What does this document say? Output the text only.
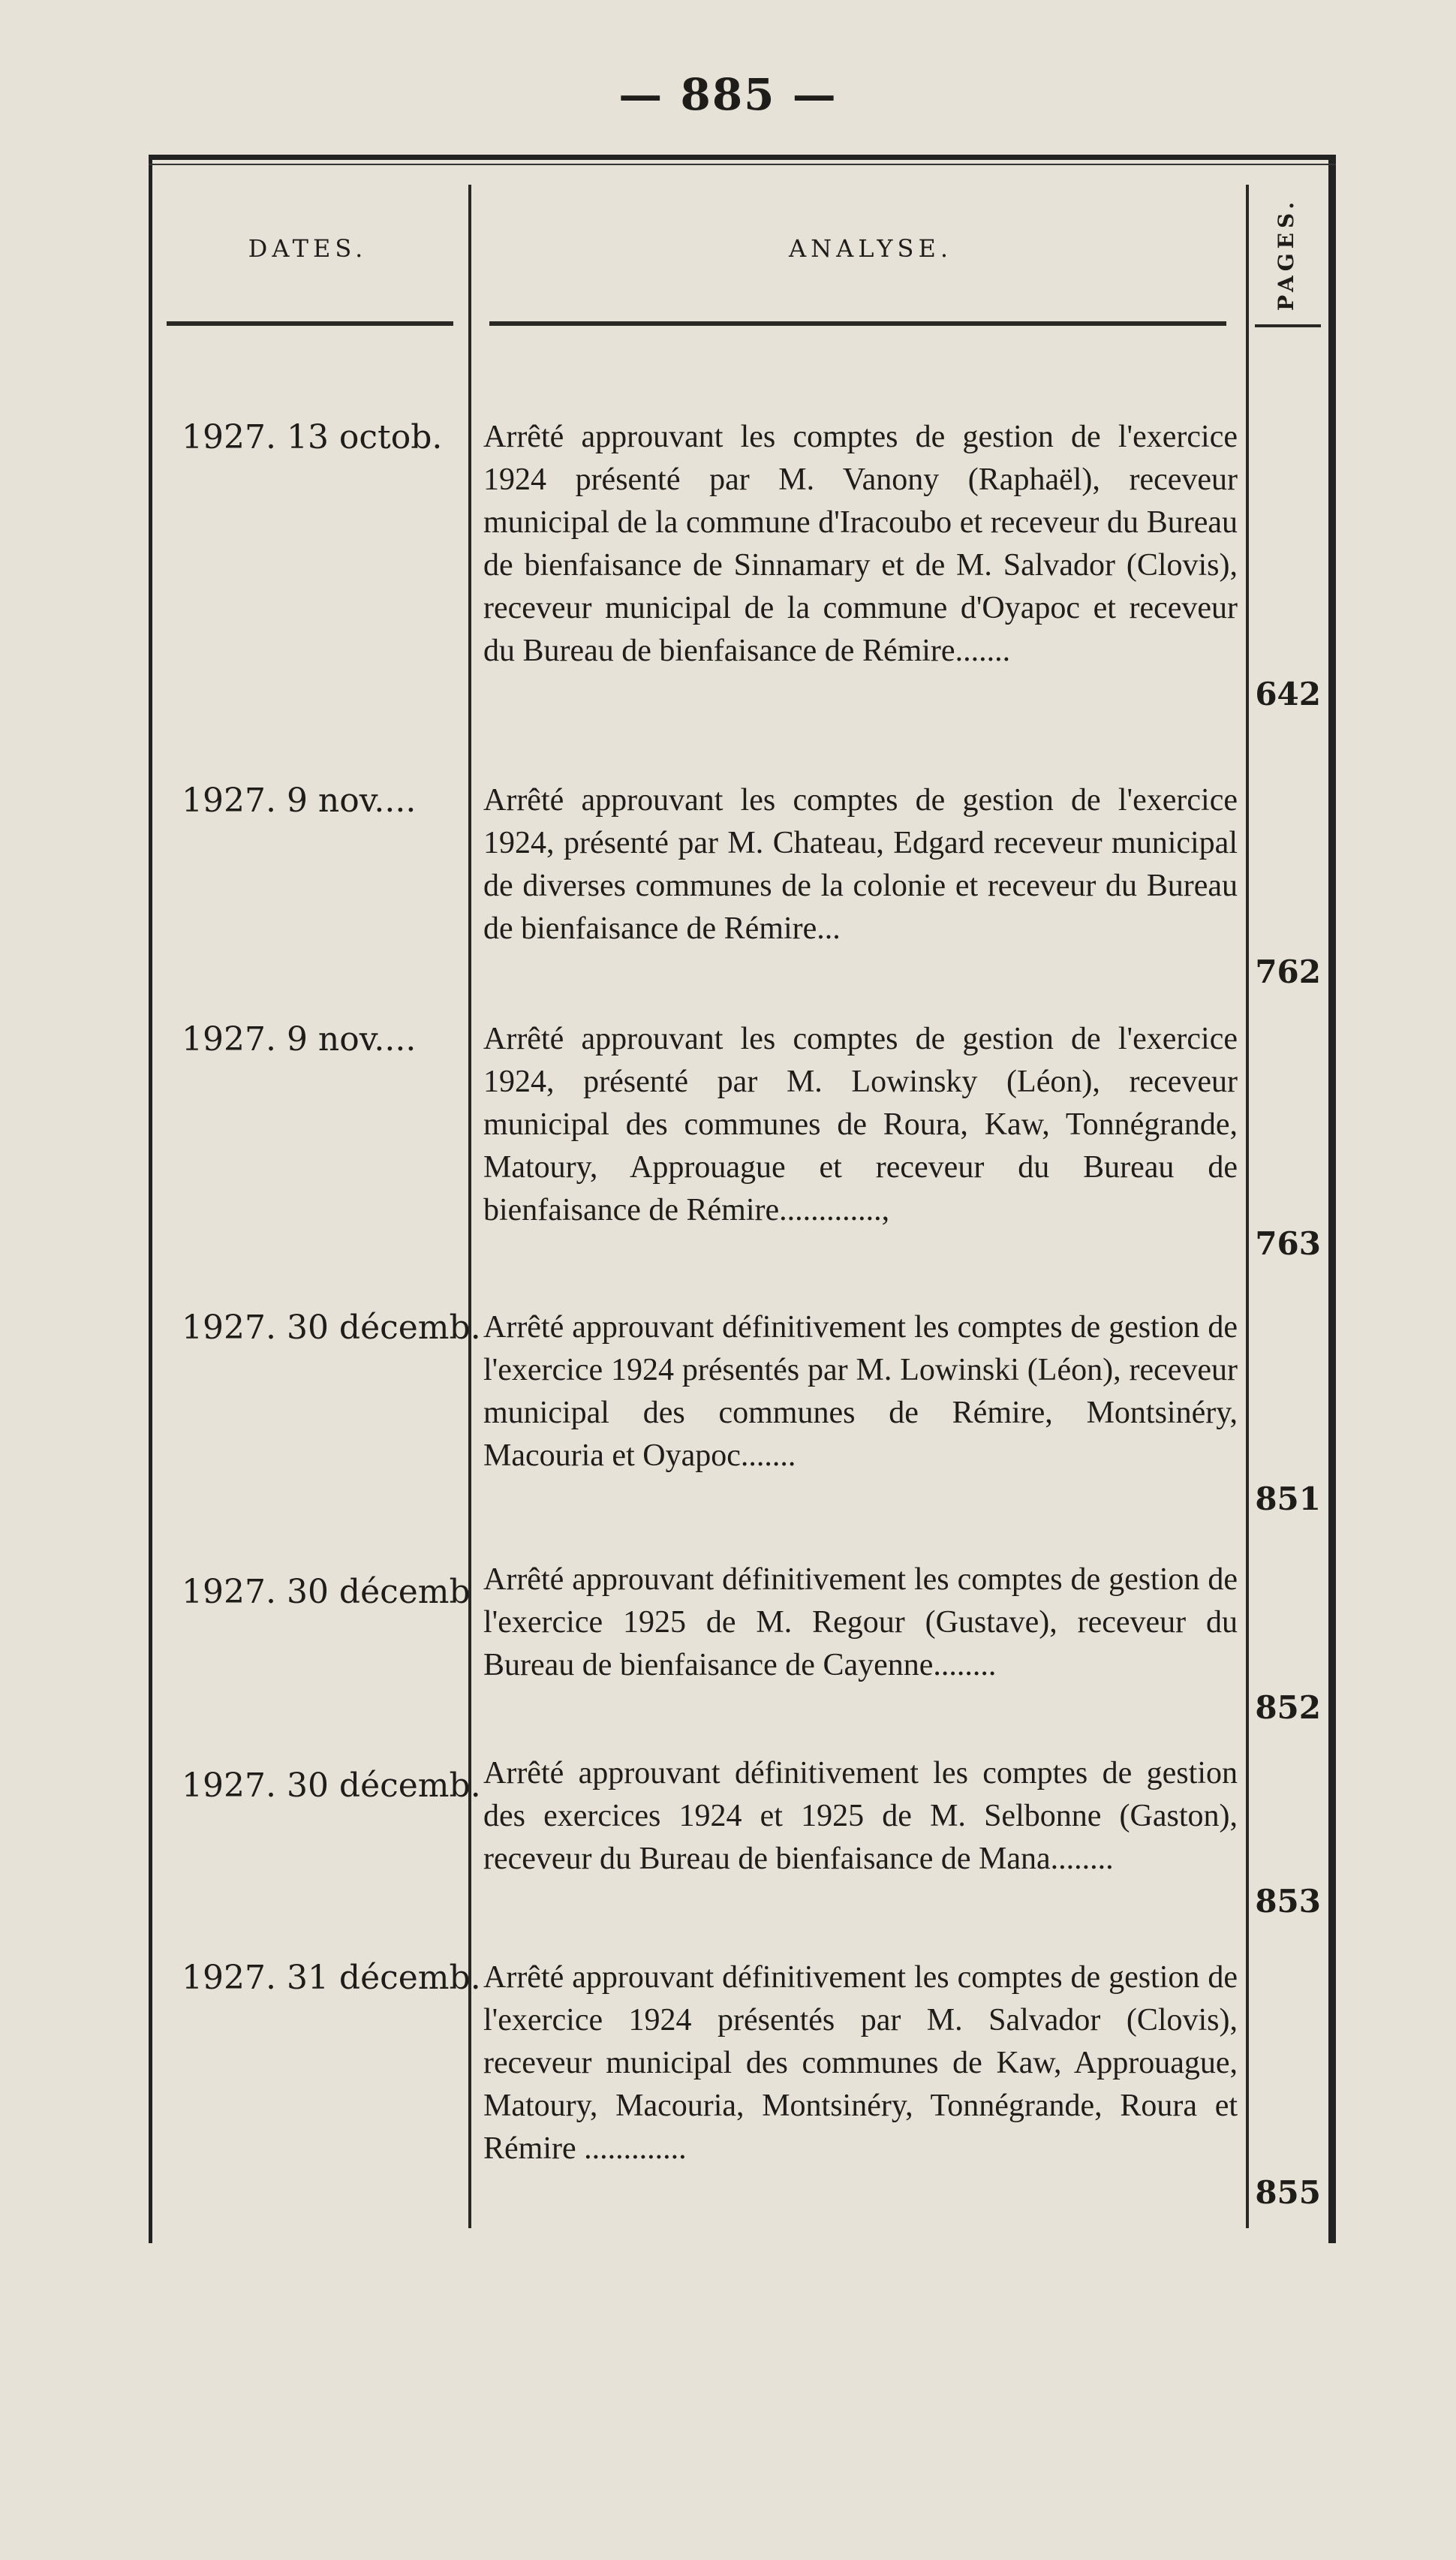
— 885 —
DATES.	ANALYSE.	PAGES.
1927. 13 octob.	Arrêté approuvant les comptes de gestion de l'exercice 1924 présenté par M. Vanony (Raphaël), receveur municipal de la commune d'Iracoubo et receveur du Bureau de bienfaisance de Sinnamary et de M. Salvador (Clovis), receveur municipal de la commune d'Oyapoc et receveur du Bureau de bienfaisance de Rémire.......
642
1927. 9 nov....	Arrêté approuvant les comptes de gestion de l'exercice 1924, présenté par M. Chateau, Edgard receveur municipal de diverses communes de la colonie et receveur du Bureau de bienfaisance de Rémire...
762
1927. 9 nov....	Arrêté approuvant les comptes de gestion de l'exercice 1924, présenté par M. Lowinsky (Léon), receveur municipal des communes de Roura, Kaw, Tonnégrande, Matoury, Approuague et receveur du Bureau de bienfaisance de Rémire.............,
763
1927. 30 décemb. Arrêté approuvant définitivement les comptes de gestion de l'exercice 1924 présentés par M. Lowinski (Léon), receveur municipal des communes de Rémire, Montsinéry, Macouria et Oyapoc.......
851
1927. 30 décemb Arrêté approuvant définitivement les comptes de gestion de l'exercice 1925 de M. Regour (Gustave), receveur du Bureau de bienfaisance de Cayenne........
852
1927. 30 décemb. Arrêté approuvant définitivement les comptes de gestion des exercices 1924 et 1925 de M. Selbonne (Gaston), receveur du Bureau de bienfaisance de Mana........
853
1927. 31 décemb. Arrêté approuvant définitivement les comptes de gestion de l'exercice 1924 présentés par M. Salvador (Clovis), receveur municipal des communes de Kaw, Approuague, Matoury, Macouria, Montsinéry, Tonnégrande, Roura et Rémire .............
855
